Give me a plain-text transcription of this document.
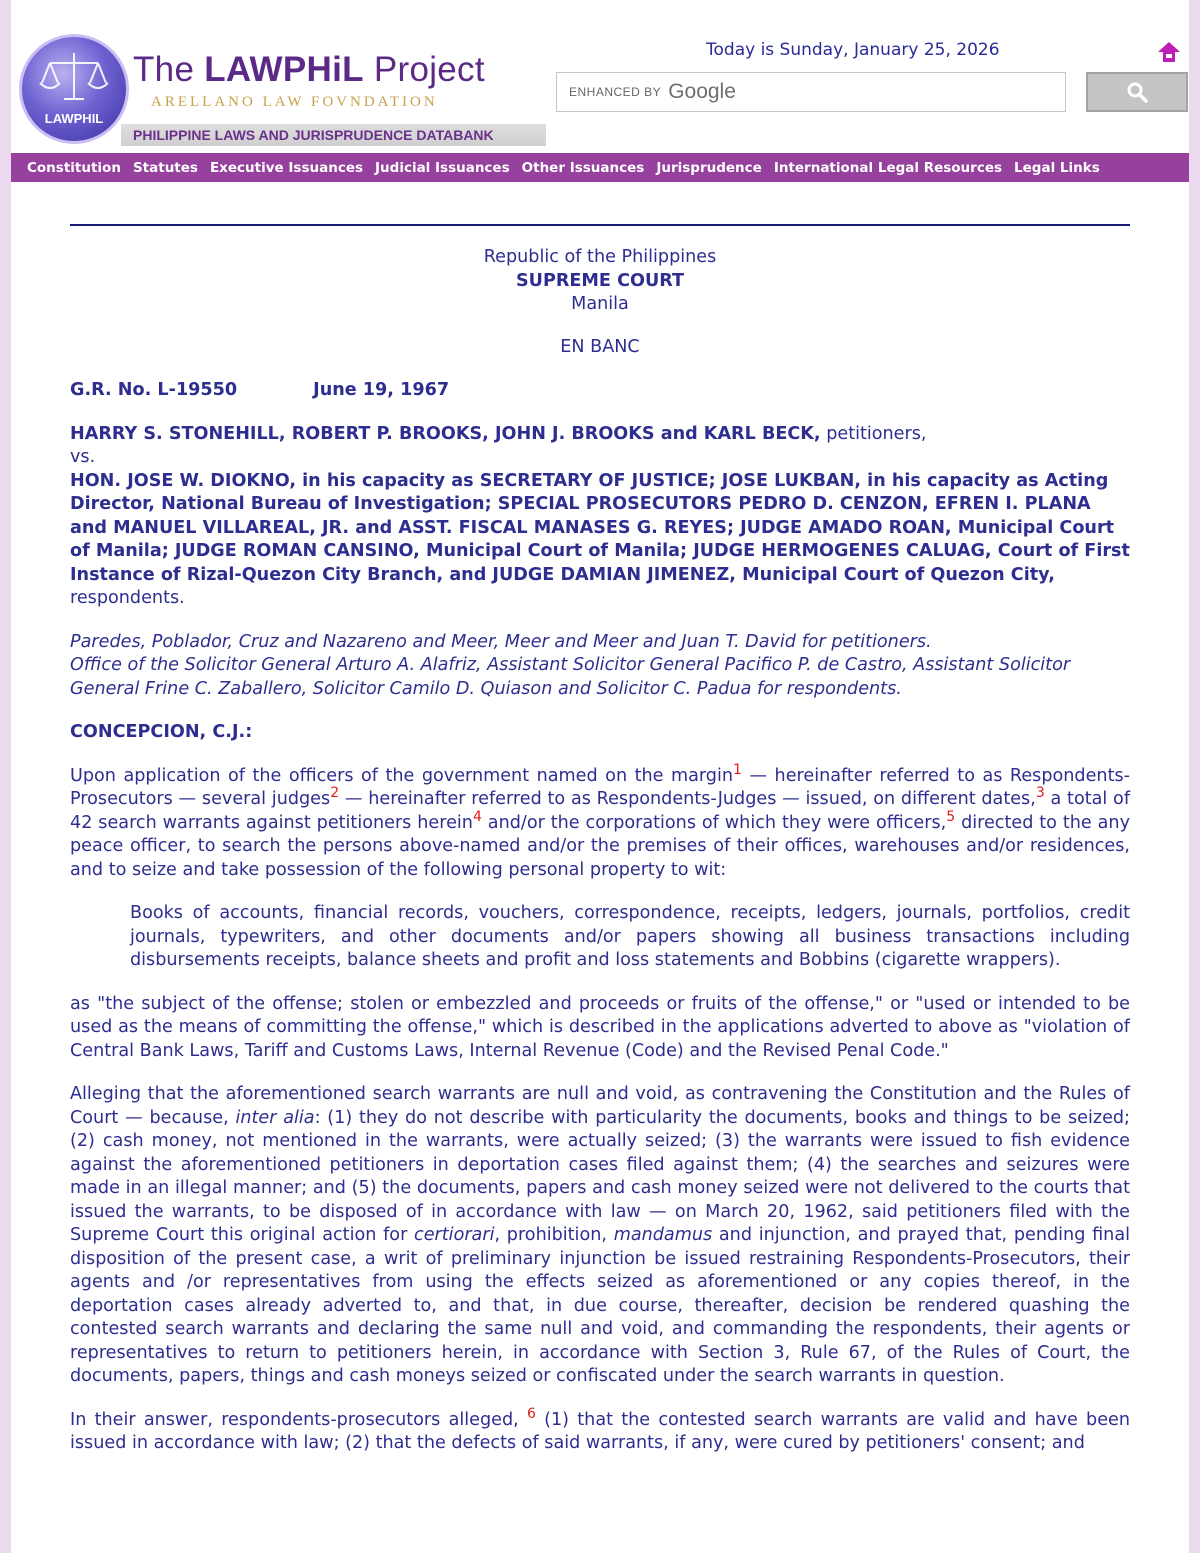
LAWPHIL
The LAWPHiL Project
ARELLANO LAW FOVNDATION
PHILIPPINE LAWS AND JURISPRUDENCE DATABANK
Today is Sunday, January 25, 2026
ENHANCED BY Google
Constitution Statutes Executive Issuances Judicial Issuances Other Issuances Jurisprudence International Legal Resources Legal Links
Republic of the Philippines
SUPREME COURT
Manila
EN BANC
G.R. No. L-19550	June 19, 1967

HARRY S. STONEHILL, ROBERT P. BROOKS, JOHN J. BROOKS and KARL BECK, petitioners,
vs.
HON. JOSE W. DIOKNO, in his capacity as SECRETARY OF JUSTICE; JOSE LUKBAN, in his capacity as Acting Director, National Bureau of Investigation; SPECIAL PROSECUTORS PEDRO D. CENZON, EFREN I. PLANA and MANUEL VILLAREAL, JR. and ASST. FISCAL MANASES G. REYES; JUDGE AMADO ROAN, Municipal Court of Manila; JUDGE ROMAN CANSINO, Municipal Court of Manila; JUDGE HERMOGENES CALUAG, Court of First Instance of Rizal-Quezon City Branch, and JUDGE DAMIAN JIMENEZ, Municipal Court of Quezon City, respondents.

Paredes, Poblador, Cruz and Nazareno and Meer, Meer and Meer and Juan T. David for petitioners.
Office of the Solicitor General Arturo A. Alafriz, Assistant Solicitor General Pacifico P. de Castro, Assistant Solicitor General Frine C. Zaballero, Solicitor Camilo D. Quiason and Solicitor C. Padua for respondents.

CONCEPCION, C.J.:

Upon application of the officers of the government named on the margin$^1$ — hereinafter referred to as Respondents-Prosecutors — several judges$^2$ — hereinafter referred to as Respondents-Judges — issued, on different dates,$^3$ a total of 42 search warrants against petitioners herein$^4$ and/or the corporations of which they were officers,$^5$ directed to the any peace officer, to search the persons above-named and/or the premises of their offices, warehouses and/or residences, and to seize and take possession of the following personal property to wit:

Books of accounts, financial records, vouchers, correspondence, receipts, ledgers, journals, portfolios, credit journals, typewriters, and other documents and/or papers showing all business transactions including disbursements receipts, balance sheets and profit and loss statements and Bobbins (cigarette wrappers).

as "the subject of the offense; stolen or embezzled and proceeds or fruits of the offense," or "used or intended to be used as the means of committing the offense," which is described in the applications adverted to above as "violation of Central Bank Laws, Tariff and Customs Laws, Internal Revenue (Code) and the Revised Penal Code."

Alleging that the aforementioned search warrants are null and void, as contravening the Constitution and the Rules of Court — because, inter alia: (1) they do not describe with particularity the documents, books and things to be seized; (2) cash money, not mentioned in the warrants, were actually seized; (3) the warrants were issued to fish evidence against the aforementioned petitioners in deportation cases filed against them; (4) the searches and seizures were made in an illegal manner; and (5) the documents, papers and cash money seized were not delivered to the courts that issued the warrants, to be disposed of in accordance with law — on March 20, 1962, said petitioners filed with the Supreme Court this original action for certiorari, prohibition, mandamus and injunction, and prayed that, pending final disposition of the present case, a writ of preliminary injunction be issued restraining Respondents-Prosecutors, their agents and /or representatives from using the effects seized as aforementioned or any copies thereof, in the deportation cases already adverted to, and that, in due course, thereafter, decision be rendered quashing the contested search warrants and declaring the same null and void, and commanding the respondents, their agents or representatives to return to petitioners herein, in accordance with Section 3, Rule 67, of the Rules of Court, the documents, papers, things and cash moneys seized or confiscated under the search warrants in question.

In their answer, respondents-prosecutors alleged, $^6$ (1) that the contested search warrants are valid and have been issued in accordance with law; (2) that the defects of said warrants, if any, were cured by petitioners' consent; and
